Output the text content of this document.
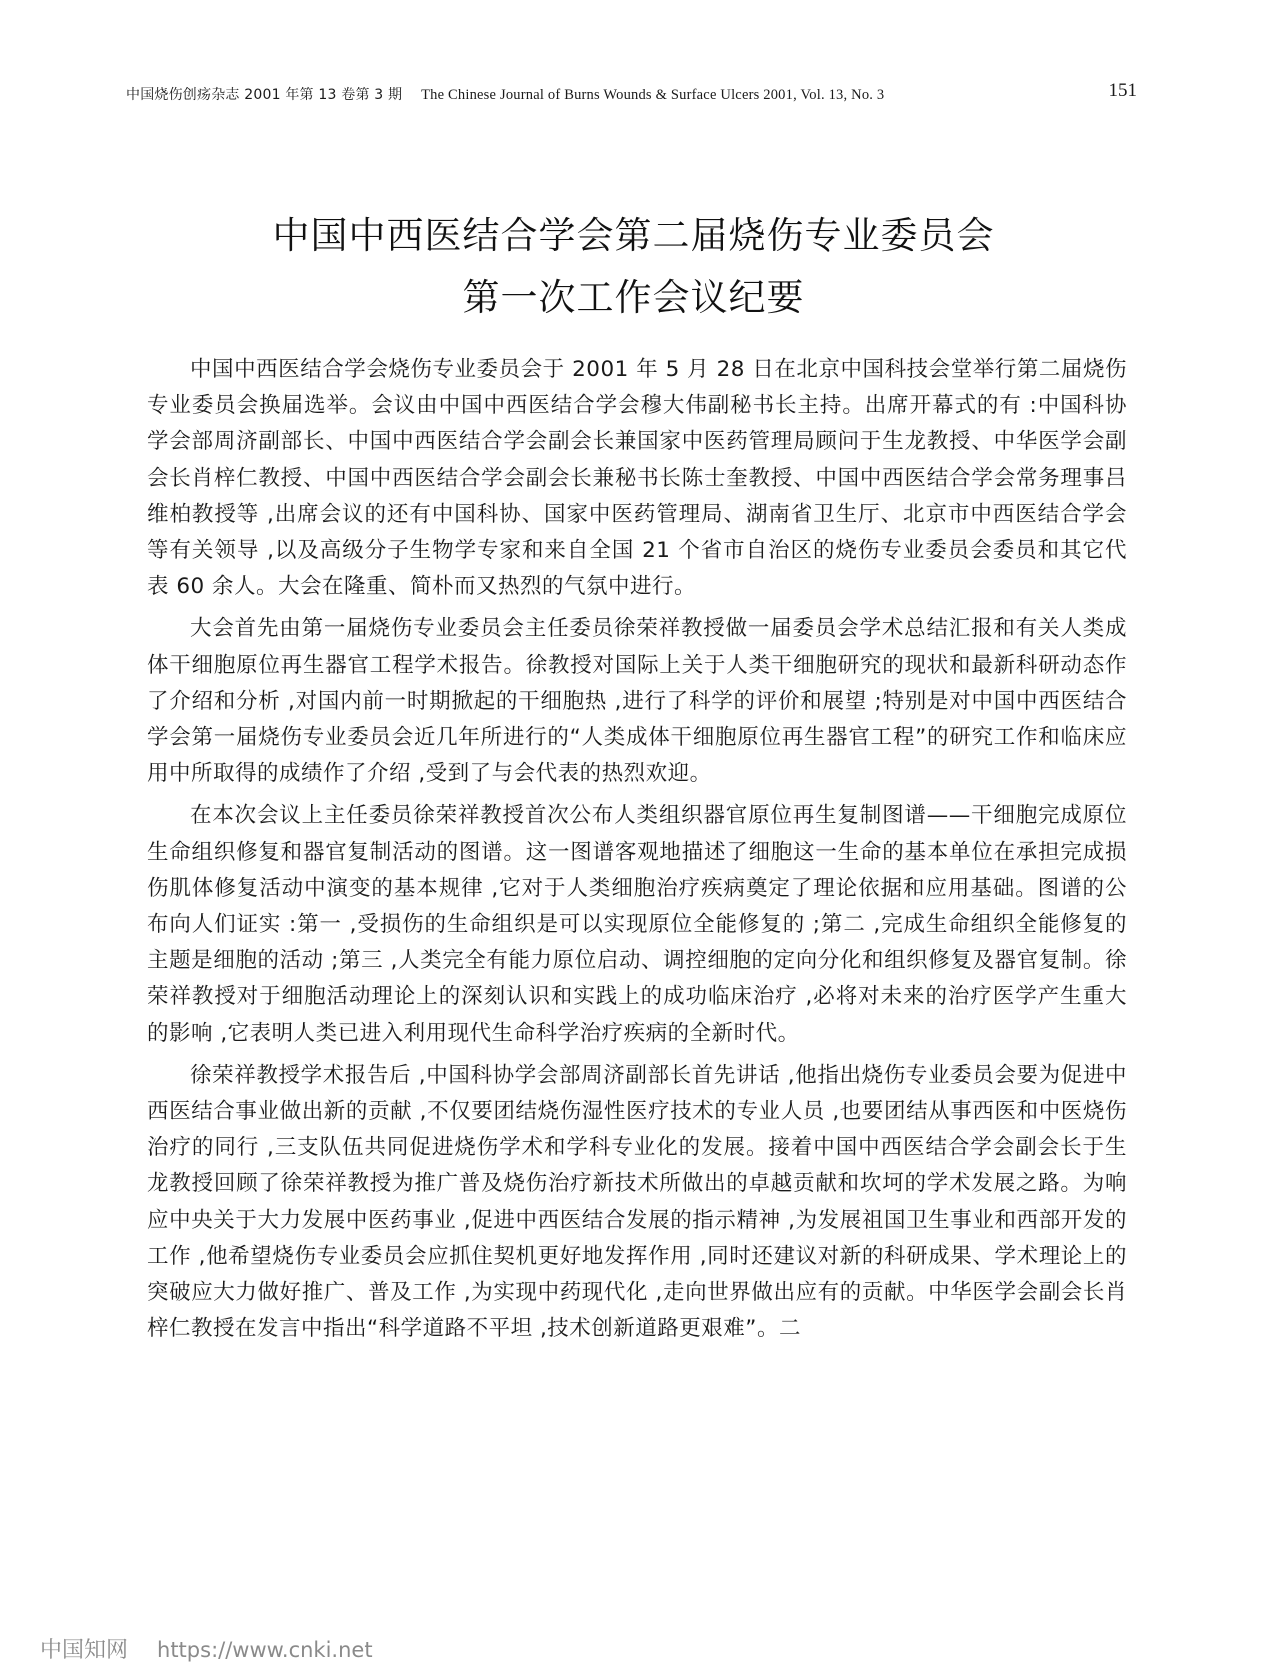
中国烧伤创疡杂志 2001 年第 13 卷第 3 期 The Chinese Journal of Burns Wounds & Surface Ulcers 2001, Vol. 13, No. 3	151
中国中西医结合学会第二届烧伤专业委员会
第一次工作会议纪要

中国中西医结合学会烧伤专业委员会于 2001 年 5 月 28 日在北京中国科技会堂举行第二届烧伤专业委员会换届选举。会议由中国中西医结合学会穆大伟副秘书长主持。出席开幕式的有 :中国科协学会部周济副部长、中国中西医结合学会副会长兼国家中医药管理局顾问于生龙教授、中华医学会副会长肖梓仁教授、中国中西医结合学会副会长兼秘书长陈士奎教授、中国中西医结合学会常务理事吕维柏教授等 ,出席会议的还有中国科协、国家中医药管理局、湖南省卫生厅、北京市中西医结合学会等有关领导 ,以及高级分子生物学专家和来自全国 21 个省市自治区的烧伤专业委员会委员和其它代表 60 余人。大会在隆重、简朴而又热烈的气氛中进行。

大会首先由第一届烧伤专业委员会主任委员徐荣祥教授做一届委员会学术总结汇报和有关人类成体干细胞原位再生器官工程学术报告。徐教授对国际上关于人类干细胞研究的现状和最新科研动态作了介绍和分析 ,对国内前一时期掀起的干细胞热 ,进行了科学的评价和展望 ;特别是对中国中西医结合学会第一届烧伤专业委员会近几年所进行的“人类成体干细胞原位再生器官工程”的研究工作和临床应用中所取得的成绩作了介绍 ,受到了与会代表的热烈欢迎。

在本次会议上主任委员徐荣祥教授首次公布人类组织器官原位再生复制图谱——干细胞完成原位生命组织修复和器官复制活动的图谱。这一图谱客观地描述了细胞这一生命的基本单位在承担完成损伤肌体修复活动中演变的基本规律 ,它对于人类细胞治疗疾病奠定了理论依据和应用基础。图谱的公布向人们证实 :第一 ,受损伤的生命组织是可以实现原位全能修复的 ;第二 ,完成生命组织全能修复的主题是细胞的活动 ;第三 ,人类完全有能力原位启动、调控细胞的定向分化和组织修复及器官复制。徐荣祥教授对于细胞活动理论上的深刻认识和实践上的成功临床治疗 ,必将对未来的治疗医学产生重大的影响 ,它表明人类已进入利用现代生命科学治疗疾病的全新时代。

徐荣祥教授学术报告后 ,中国科协学会部周济副部长首先讲话 ,他指出烧伤专业委员会要为促进中西医结合事业做出新的贡献 ,不仅要团结烧伤湿性医疗技术的专业人员 ,也要团结从事西医和中医烧伤治疗的同行 ,三支队伍共同促进烧伤学术和学科专业化的发展。接着中国中西医结合学会副会长于生龙教授回顾了徐荣祥教授为推广普及烧伤治疗新技术所做出的卓越贡献和坎坷的学术发展之路。为响应中央关于大力发展中医药事业 ,促进中西医结合发展的指示精神 ,为发展祖国卫生事业和西部开发的工作 ,他希望烧伤专业委员会应抓住契机更好地发挥作用 ,同时还建议对新的科研成果、学术理论上的突破应大力做好推广、普及工作 ,为实现中药现代化 ,走向世界做出应有的贡献。中华医学会副会长肖梓仁教授在发言中指出“科学道路不平坦 ,技术创新道路更艰难”。二

中国知网 https://www.cnki.net
